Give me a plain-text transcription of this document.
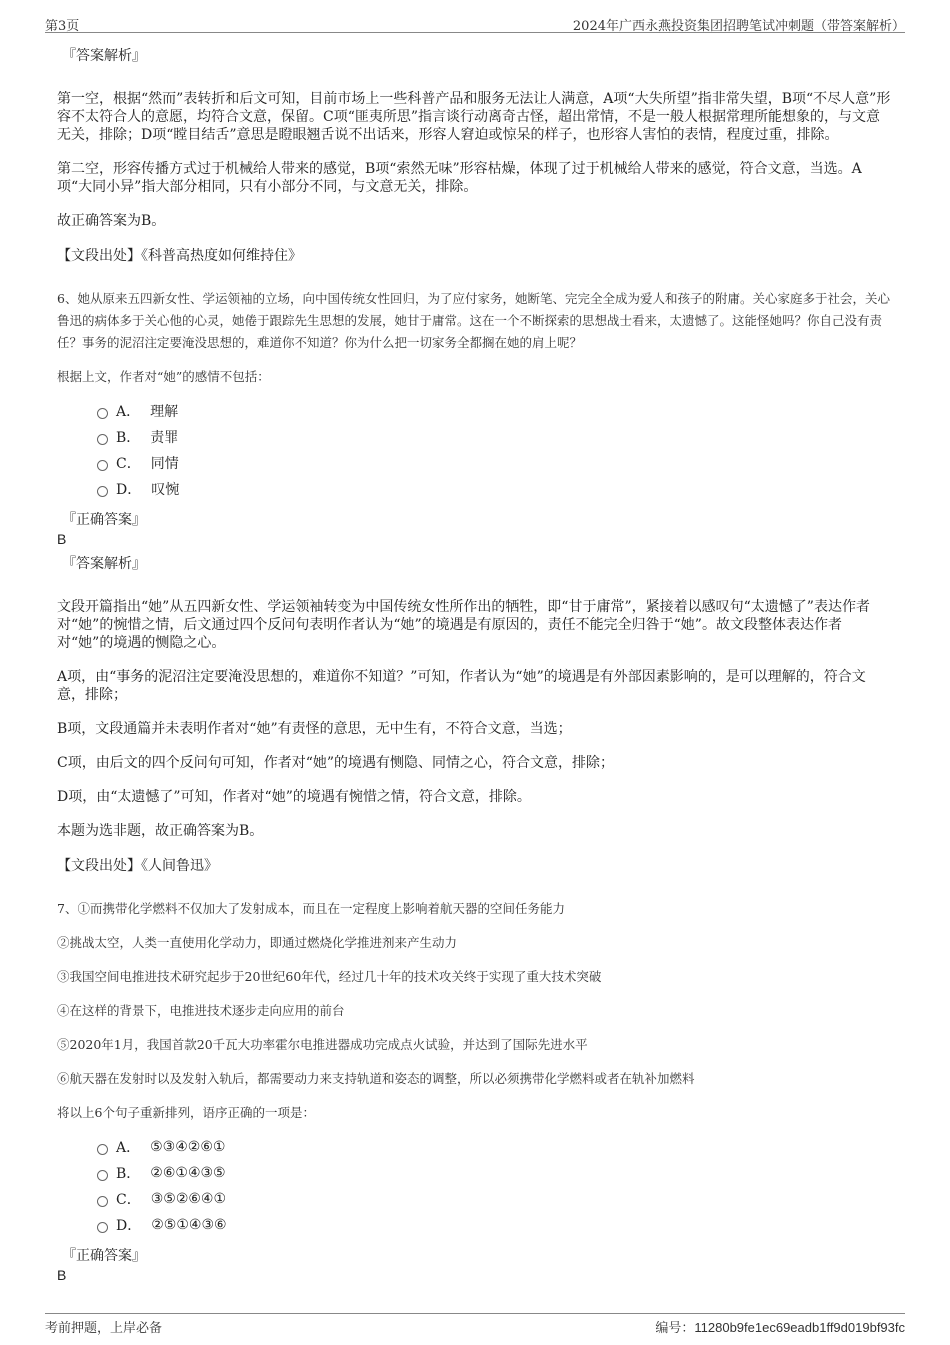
第3页	2024年广西永燕投资集团招聘笔试冲刺题（带答案解析）
『答案解析』

第一空，根据“然而”表转折和后文可知，目前市场上一些科普产品和服务无法让人满意，A项“大失所望”指非常失望，B项“不尽人意”形容不太符合人的意愿，均符合文意，保留。C项“匪夷所思”指言谈行动离奇古怪，超出常情，不是一般人根据常理所能想象的，与文意无关，排除；D项“瞠目结舌”意思是瞪眼翘舌说不出话来，形容人窘迫或惊呆的样子，也形容人害怕的表情，程度过重，排除。

第二空，形容传播方式过于机械给人带来的感觉，B项“索然无味”形容枯燥，体现了过于机械给人带来的感觉，符合文意，当选。A项“大同小异”指大部分相同，只有小部分不同，与文意无关，排除。

故正确答案为B。

【文段出处】《科普高热度如何维持住》
6、她从原来五四新女性、学运领袖的立场，向中国传统女性回归，为了应付家务，她断笔、完完全全成为爱人和孩子的附庸。关心家庭多于社会，关心鲁迅的病体多于关心他的心灵，她倦于跟踪先生思想的发展，她甘于庸常。这在一个不断探索的思想战士看来，太遗憾了。这能怪她吗？你自己没有责任？事务的泥沼注定要淹没思想的，难道你不知道？你为什么把一切家务全都搁在她的肩上呢？
根据上文，作者对“她”的感情不包括：
A． 理解
B． 责罪
C． 同情
D． 叹惋
『正确答案』
B
『答案解析』

文段开篇指出“她”从五四新女性、学运领袖转变为中国传统女性所作出的牺牲，即“甘于庸常”，紧接着以感叹句“太遗憾了”表达作者对“她”的惋惜之情，后文通过四个反问句表明作者认为“她”的境遇是有原因的，责任不能完全归咎于“她”。故文段整体表达作者对“她”的境遇的恻隐之心。

A项，由“事务的泥沼注定要淹没思想的，难道你不知道？”可知，作者认为“她”的境遇是有外部因素影响的，是可以理解的，符合文意，排除；

B项，文段通篇并未表明作者对“她”有责怪的意思，无中生有，不符合文意，当选；

C项，由后文的四个反问句可知，作者对“她”的境遇有恻隐、同情之心，符合文意，排除；

D项，由“太遗憾了”可知，作者对“她”的境遇有惋惜之情，符合文意，排除。

本题为选非题，故正确答案为B。

【文段出处】《人间鲁迅》
7、①而携带化学燃料不仅加大了发射成本，而且在一定程度上影响着航天器的空间任务能力
②挑战太空，人类一直使用化学动力，即通过燃烧化学推进剂来产生动力
③我国空间电推进技术研究起步于20世纪60年代，经过几十年的技术攻关终于实现了重大技术突破
④在这样的背景下，电推进技术逐步走向应用的前台
⑤2020年1月，我国首款20千瓦大功率霍尔电推进器成功完成点火试验，并达到了国际先进水平
⑥航天器在发射时以及发射入轨后，都需要动力来支持轨道和姿态的调整，所以必须携带化学燃料或者在轨补加燃料
将以上6个句子重新排列，语序正确的一项是：
A． ⑤③④②⑥①
B． ②⑥①④③⑤
C． ③⑤②⑥④①
D． ②⑤①④③⑥
『正确答案』
B
考前押题，上岸必备	编号：11280b9fe1ec69eadb1ff9d019bf93fc
